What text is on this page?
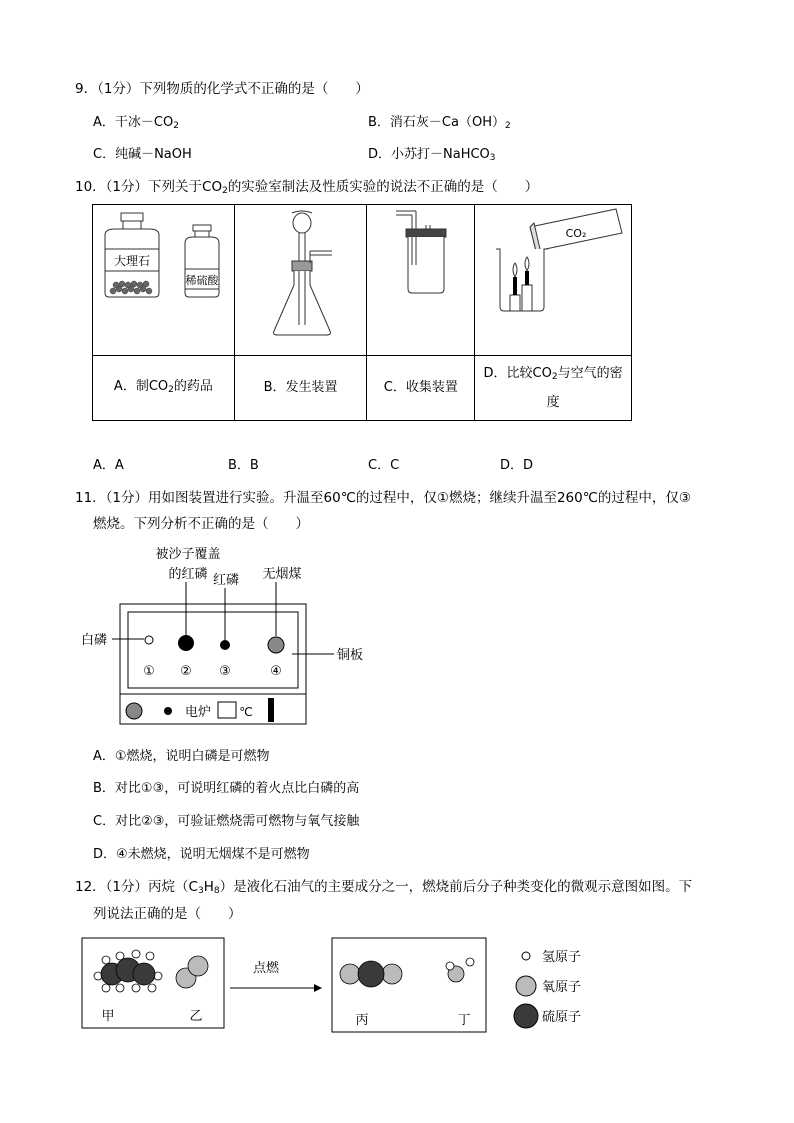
9．（1分）下列物质的化学式不正确的是（　　）
A．干冰$-CO_2$	B．消石灰$-Ca(OH)_2$
C．纯碱－NaOH	D．小苏打－NaHCO$_3$
10．（1分）下列关于$CO_2$的实验室制法及性质实验的说法不正确的是（　　）
大理石
稀硫酸			CO₂

A．制$CO_2$的药品	B．发生装置	C．收集装置	D．比较$CO_2$与空气的密
度
A．A	B．B	C．C	D．D
11．（1分）用如图装置进行实验。升温至60℃的过程中，仅①燃烧；继续升温至260℃的过程中，仅③
燃烧。下列分析不正确的是（　　）
被沙子覆盖
的红磷 红磷 无烟煤
白磷
铜板
① ② ③	④
电炉 ℃
A．①燃烧，说明白磷是可燃物
B．对比①③，可说明红磷的着火点比白磷的高
C．对比②③，可验证燃烧需可燃物与氧气接触
D．④未燃烧，说明无烟煤不是可燃物
12．（1分）丙烷$(C_3H_8)$是液化石油气的主要成分之一，燃烧前后分子种类变化的微观示意图如图。下
列说法正确的是（　　）
甲	乙
点燃
丙	丁
氢原子
氧原子
硫原子
